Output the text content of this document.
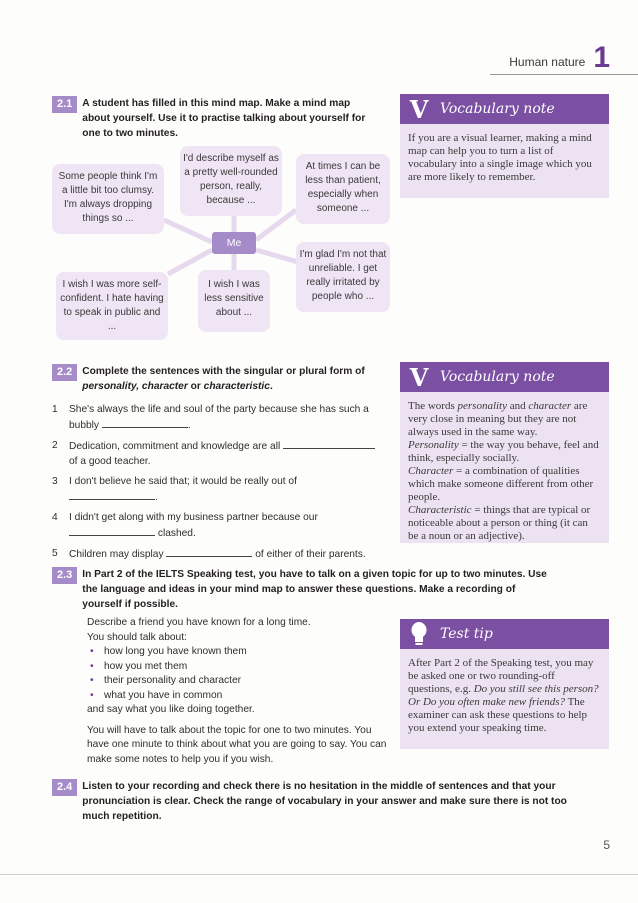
Human nature 1
2.1 A student has filled in this mind map. Make a mind map about yourself. Use it to practise talking about yourself for one to two minutes.
Some people think I'm a little bit too clumsy. I'm always dropping things so ...
I'd describe myself as a pretty well-rounded person, really, because ...
At times I can be less than patient, especially when someone ...
Me
I'm glad I'm not that unreliable. I get really irritated by people who ...
I wish I was less sensitive about ...
I wish I was more self-confident. I hate having to speak in public and ...
V Vocabulary note
If you are a visual learner, making a mind map can help you to turn a list of vocabulary into a single image which you are more likely to remember.
2.2 Complete the sentences with the singular or plural form of personality, character or characteristic.
1 She's always the life and soul of the party because she has such a bubbly	.
2 Dedication, commitment and knowledge are all  of a good teacher.
3 I don't believe he said that; it would be really out of .
4 I didn't get along with my business partner because our  clashed.
5 Children may display	of either of their parents.
V Vocabulary note

The words personality and character are very close in meaning but they are not always used in the same way.

Personality = the way you behave, feel and think, especially socially.

Character = a combination of qualities which make someone different from other people.

Characteristic = things that are typical or noticeable about a person or thing (it can be a noun or an adjective).

2.3 In Part 2 of the IELTS Speaking test, you have to talk on a given topic for up to two minutes. Use the language and ideas in your mind map to answer these questions. Make a recording of yourself if possible.
Describe a friend you have known for a long time.
You should talk about:
• how long you have known them
• how you met them
• their personality and character
• what you have in common
and say what you like doing together.
You will have to talk about the topic for one to two minutes. You have one minute to think about what you are going to say. You can make some notes to help you if you wish.
Test tip
After Part 2 of the Speaking test, you may be asked one or two rounding-off questions, e.g. Do you still see this person? Or Do you often make new friends? The examiner can ask these questions to help you extend your speaking time.
2.4 Listen to your recording and check there is no hesitation in the middle of sentences and that your pronunciation is clear. Check the range of vocabulary in your answer and make sure there is not too much repetition.
5
